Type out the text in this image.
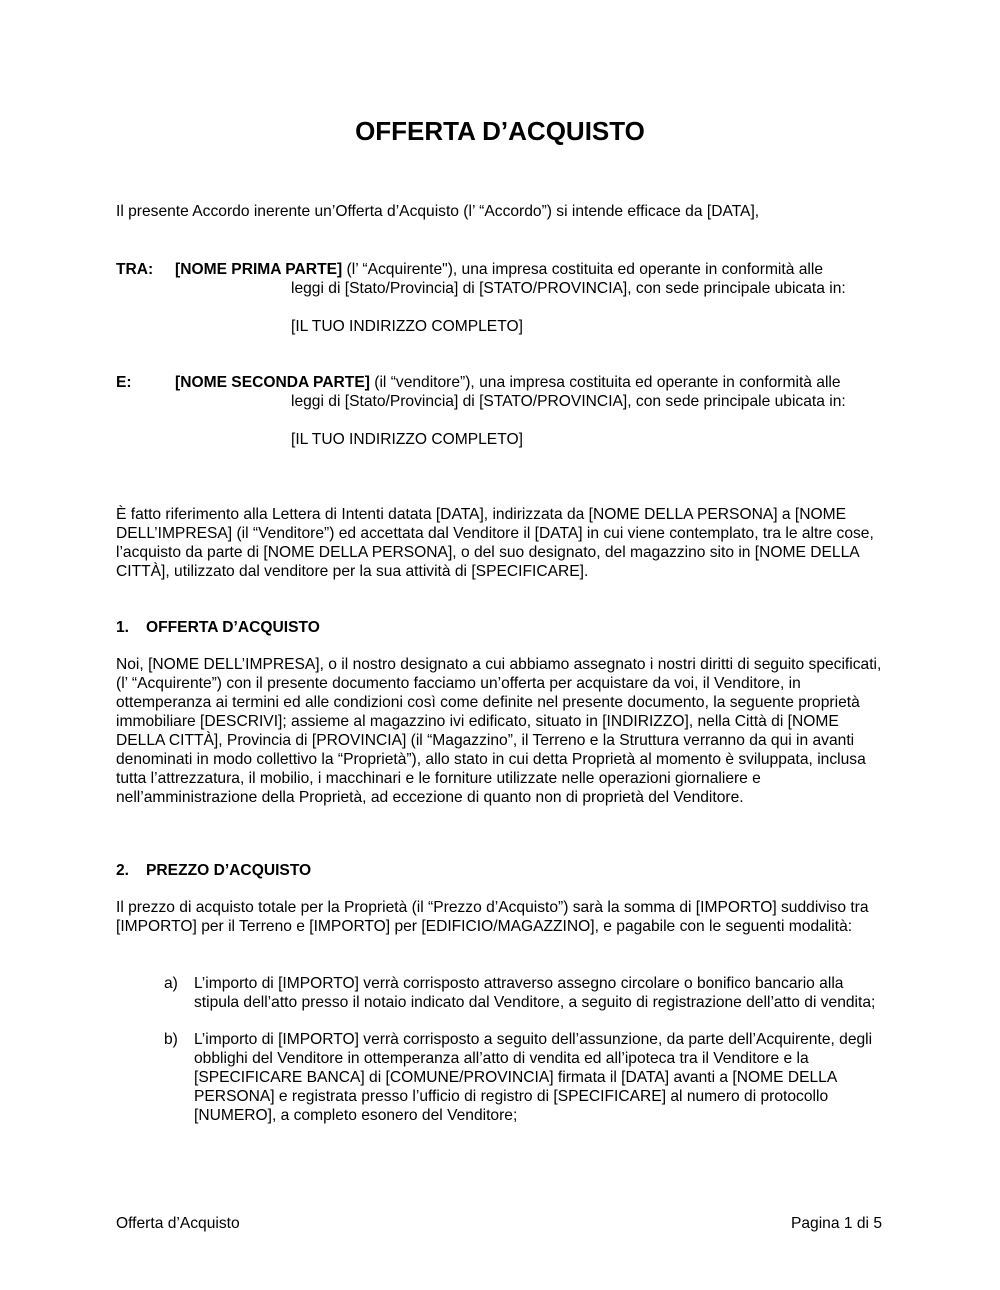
OFFERTA D’ACQUISTO

Il presente Accordo inerente un’Offerta d’Acquisto (l’ “Accordo”) si intende efficace da [DATA],

TRA: [NOME PRIMA PARTE] (l’ “Acquirente"), una impresa costituita ed operante in conformità alle
leggi di [Stato/Provincia] di [STATO/PROVINCIA], con sede principale ubicata in:

[IL TUO INDIRIZZO COMPLETO]
E:	[NOME SECONDA PARTE] (il “venditore”), una impresa costituita ed operante in conformità alle
leggi di [Stato/Provincia] di [STATO/PROVINCIA], con sede principale ubicata in:

[IL TUO INDIRIZZO COMPLETO]

È fatto riferimento alla Lettera di Intenti datata [DATA], indirizzata da [NOME DELLA PERSONA] a [NOME DELL’IMPRESA] (il “Venditore”) ed accettata dal Venditore il [DATA] in cui viene contemplato, tra le altre cose, l’acquisto da parte di [NOME DELLA PERSONA], o del suo designato, del magazzino sito in [NOME DELLA CITTÀ], utilizzato dal venditore per la sua attività di [SPECIFICARE].

1. OFFERTA D’ACQUISTO

Noi, [NOME DELL’IMPRESA], o il nostro designato a cui abbiamo assegnato i nostri diritti di seguito specificati, (l’ “Acquirente”) con il presente documento facciamo un’offerta per acquistare da voi, il Venditore, in ottemperanza ai termini ed alle condizioni così come definite nel presente documento, la seguente proprietà immobiliare [DESCRIVI]; assieme al magazzino ivi edificato, situato in [INDIRIZZO], nella Città di [NOME DELLA CITTÀ], Provincia di [PROVINCIA] (il “Magazzino”, il Terreno e la Struttura verranno da qui in avanti denominati in modo collettivo la “Proprietà”), allo stato in cui detta Proprietà al momento è sviluppata, inclusa tutta l’attrezzatura, il mobilio, i macchinari e le forniture utilizzate nelle operazioni giornaliere e nell’amministrazione della Proprietà, ad eccezione di quanto non di proprietà del Venditore.

2. PREZZO D’ACQUISTO

Il prezzo di acquisto totale per la Proprietà (il “Prezzo d’Acquisto”) sarà la somma di [IMPORTO] suddiviso tra [IMPORTO] per il Terreno e [IMPORTO] per [EDIFICIO/MAGAZZINO], e pagabile con le seguenti modalità:

a) L’importo di [IMPORTO] verrà corrisposto attraverso assegno circolare o bonifico bancario alla stipula dell’atto presso il notaio indicato dal Venditore, a seguito di registrazione dell’atto di vendita;
b) L’importo di [IMPORTO] verrà corrisposto a seguito dell’assunzione, da parte dell’Acquirente, degli obblighi del Venditore in ottemperanza all’atto di vendita ed all’ipoteca tra il Venditore e la [SPECIFICARE BANCA] di [COMUNE/PROVINCIA] firmata il [DATA] avanti a [NOME DELLA PERSONA] e registrata presso l’ufficio di registro di [SPECIFICARE] al numero di protocollo [NUMERO], a completo esonero del Venditore;
Offerta d’Acquisto	Pagina 1 di 5
